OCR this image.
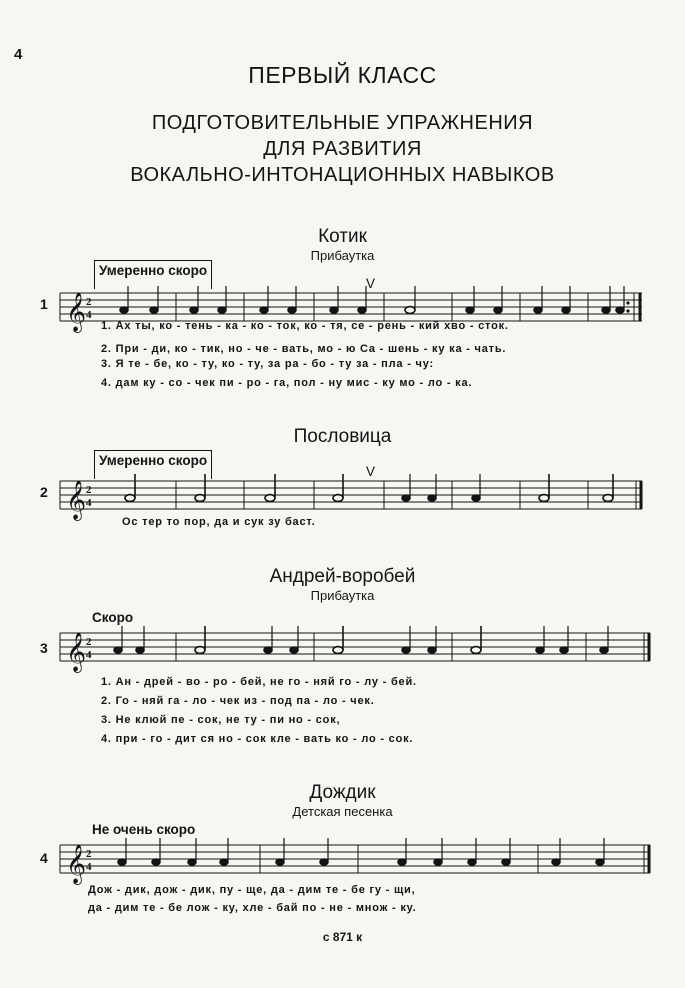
4
ПЕРВЫЙ КЛАСС
ПОДГОТОВИТЕЛЬНЫЕ УПРАЖНЕНИЯ
ДЛЯ РАЗВИТИЯ
ВОКАЛЬНО-ИНТОНАЦИОННЫХ НАВЫКОВ
Котик
Прибаутка
Умеренно скоро
V
1 𝄞 2
4
1. Ах ты, ко - тень - ка - ко - ток, ко - тя, се - рень - кий хво - сток.
2. При - ди, ко - тик, но - че - вать, мо - ю Са - шень - ку ка - чать.
3. Я те - бе, ко - ту, ко - ту, за ра - бо - ту за - пла - чу:
4. дам ку - со - чек пи - ро - га, пол - ну мис - ку мо - ло - ка.
Пословица
Умеренно скоро
V
2 𝄞 2
4
Ос тер то пор, да и сук зу баст.
Андрей-воробей
Прибаутка
Скоро
3 𝄞 2
4
1. Ан - дрей - во - ро - бей, не го - няй го - лу - бей.
2. Го - няй га - ло - чек из - под па - ло - чек.
3. Не клюй пе - сок, не ту - пи но - сок,
4. при - го - дит ся но - сок кле - вать ко - ло - сок.
Дождик
Детская песенка
Не очень скоро
4 𝄞 2
4
Дож - дик, дож - дик, пу - ще, да - дим те - бе гу - щи,
да - дим те - бе лож - ку, хле - бай по - не - множ - ку.
с 871 к
